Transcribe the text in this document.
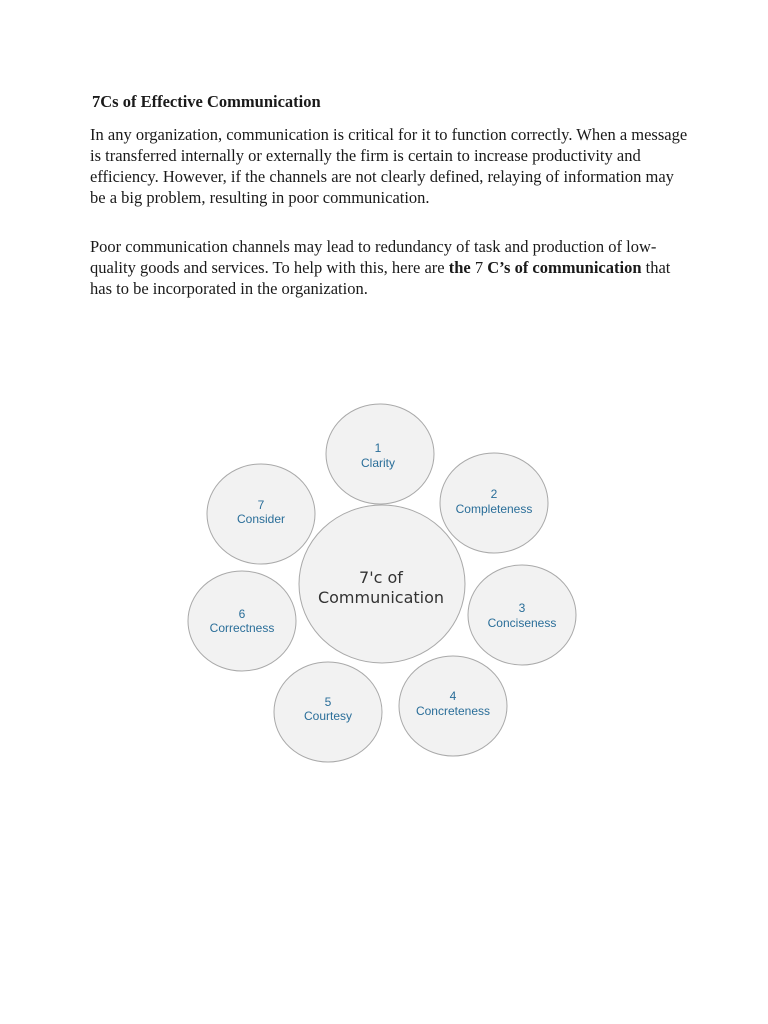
7Cs of Effective Communication

In any organization, communication is critical for it to function correctly. When a message is transferred internally or externally the firm is certain to increase productivity and efficiency. However, if the channels are not clearly defined, relaying of information may be a big problem, resulting in poor communication.

Poor communication channels may lead to redundancy of task and production of low-quality goods and services. To help with this, here are the 7 C’s of communication that has to be incorporated in the organization.

1
Clarity
2
Completeness
3
Conciseness
4
Concreteness
5
Courtesy
6
Correctness
7
Consider
7'c of
Communication
